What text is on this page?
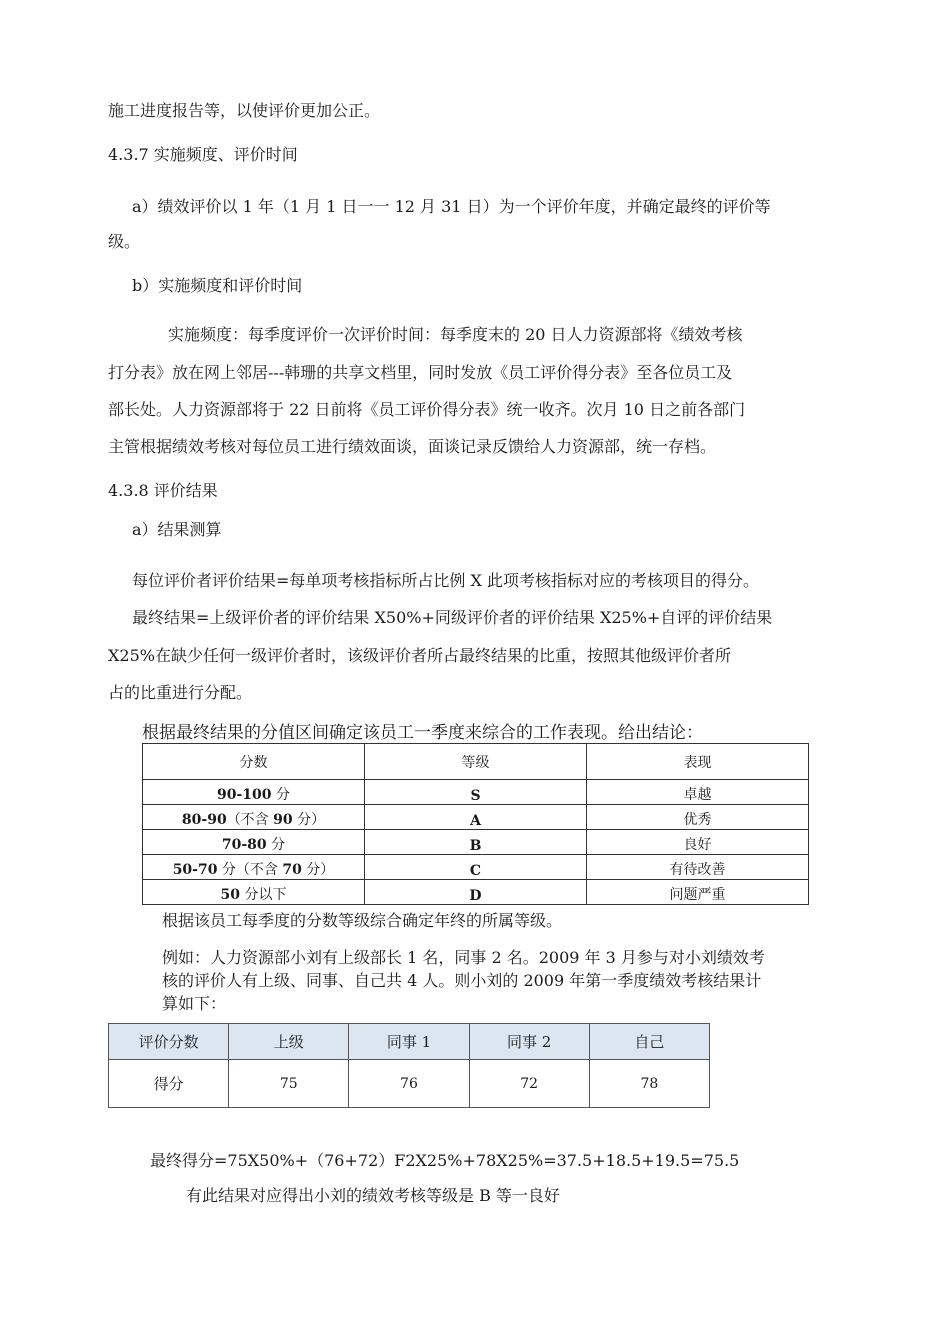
施工进度报告等，以使评价更加公正。
4.3.7 实施频度、评价时间
a）绩效评价以 1 年（1 月 1 日一一 12 月 31 日）为一个评价年度，并确定最终的评价等
级。
b）实施频度和评价时间
实施频度：每季度评价一次评价时间：每季度末的 20 日人力资源部将《绩效考核
打分表》放在网上邻居---韩珊的共享文档里，同时发放《员工评价得分表》至各位员工及
部长处。人力资源部将于 22 日前将《员工评价得分表》统一收齐。次月 10 日之前各部门
主管根据绩效考核对每位员工进行绩效面谈，面谈记录反馈给人力资源部，统一存档。
4.3.8 评价结果
a）结果测算
每位评价者评价结果=每单项考核指标所占比例 X 此项考核指标对应的考核项目的得分。
最终结果=上级评价者的评价结果 X50%+同级评价者的评价结果 X25%+自评的评价结果
X25%在缺少任何一级评价者时，该级评价者所占最终结果的比重，按照其他级评价者所
占的比重进行分配。
根据最终结果的分值区间确定该员工一季度来综合的工作表现。给出结论：
分数	等级	表现
90-100 分	S	卓越
80-90（不含 90 分）	A	优秀
70-80 分	B	良好
50-70 分（不含 70 分）	C	有待改善
50 分以下	D	问题严重
根据该员工每季度的分数等级综合确定年终的所属等级。
例如：人力资源部小刘有上级部长 1 名，同事 2 名。2009 年 3 月参与对小刘绩效考
核的评价人有上级、同事、自己共 4 人。则小刘的 2009 年第一季度绩效考核结果计
算如下：
评价分数	上级	同事 1	同事 2	自己
得分	75	76	72	78
最终得分=75X50%+（76+72）F2X25%+78X25%=37.5+18.5+19.5=75.5
有此结果对应得出小刘的绩效考核等级是 B 等一良好
